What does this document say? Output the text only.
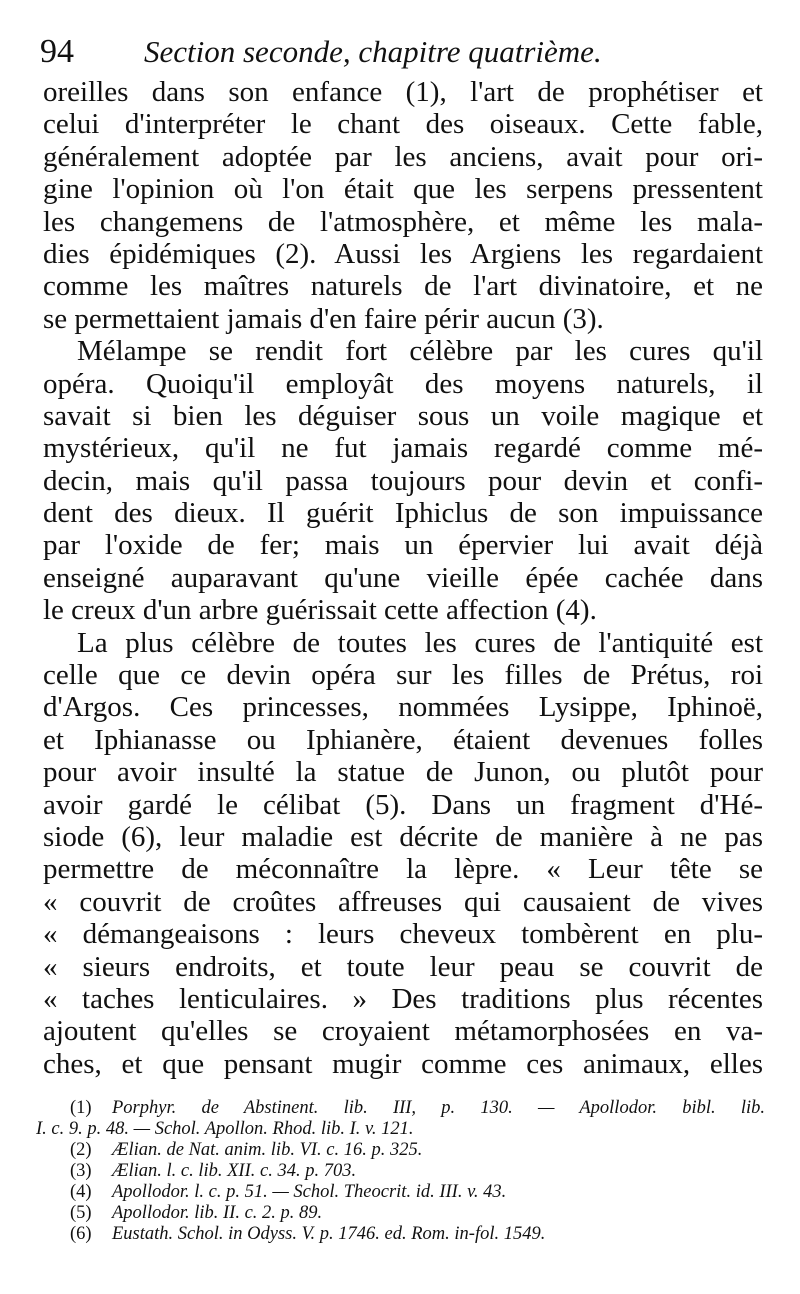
94 Section seconde, chapitre quatrième.
oreilles dans son enfance (1), l'art de prophétiser et
celui d'interpréter le chant des oiseaux. Cette fable,
généralement adoptée par les anciens, avait pour ori-
gine l'opinion où l'on était que les serpens pressentent
les changemens de l'atmosphère, et même les mala-
dies épidémiques (2). Aussi les Argiens les regardaient
comme les maîtres naturels de l'art divinatoire, et ne
se permettaient jamais d'en faire périr aucun (3).
Mélampe se rendit fort célèbre par les cures qu'il
opéra. Quoiqu'il employât des moyens naturels, il
savait si bien les déguiser sous un voile magique et
mystérieux, qu'il ne fut jamais regardé comme mé-
decin, mais qu'il passa toujours pour devin et confi-
dent des dieux. Il guérit Iphiclus de son impuissance
par l'oxide de fer; mais un épervier lui avait déjà
enseigné auparavant qu'une vieille épée cachée dans
le creux d'un arbre guérissait cette affection (4).
La plus célèbre de toutes les cures de l'antiquité est
celle que ce devin opéra sur les filles de Prétus, roi
d'Argos. Ces princesses, nommées Lysippe, Iphinoë,
et Iphianasse ou Iphianère, étaient devenues folles
pour avoir insulté la statue de Junon, ou plutôt pour
avoir gardé le célibat (5). Dans un fragment d'Hé-
siode (6), leur maladie est décrite de manière à ne pas
permettre de méconnaître la lèpre. « Leur tête se
« couvrit de croûtes affreuses qui causaient de vives
« démangeaisons : leurs cheveux tombèrent en plu-
« sieurs endroits, et toute leur peau se couvrit de
« taches lenticulaires. » Des traditions plus récentes
ajoutent qu'elles se croyaient métamorphosées en va-
ches, et que pensant mugir comme ces animaux, elles
(1) Porphyr. de Abstinent. lib. III, p. 130. — Apollodor. bibl. lib.
I. c. 9. p. 48. — Schol. Apollon. Rhod. lib. I. v. 121.
(2) Ælian. de Nat. anim. lib. VI. c. 16. p. 325.
(3) Ælian. l. c. lib. XII. c. 34. p. 703.
(4) Apollodor. l. c. p. 51. — Schol. Theocrit. id. III. v. 43.
(5) Apollodor. lib. II. c. 2. p. 89.
(6) Eustath. Schol. in Odyss. V. p. 1746. ed. Rom. in-fol. 1549.
